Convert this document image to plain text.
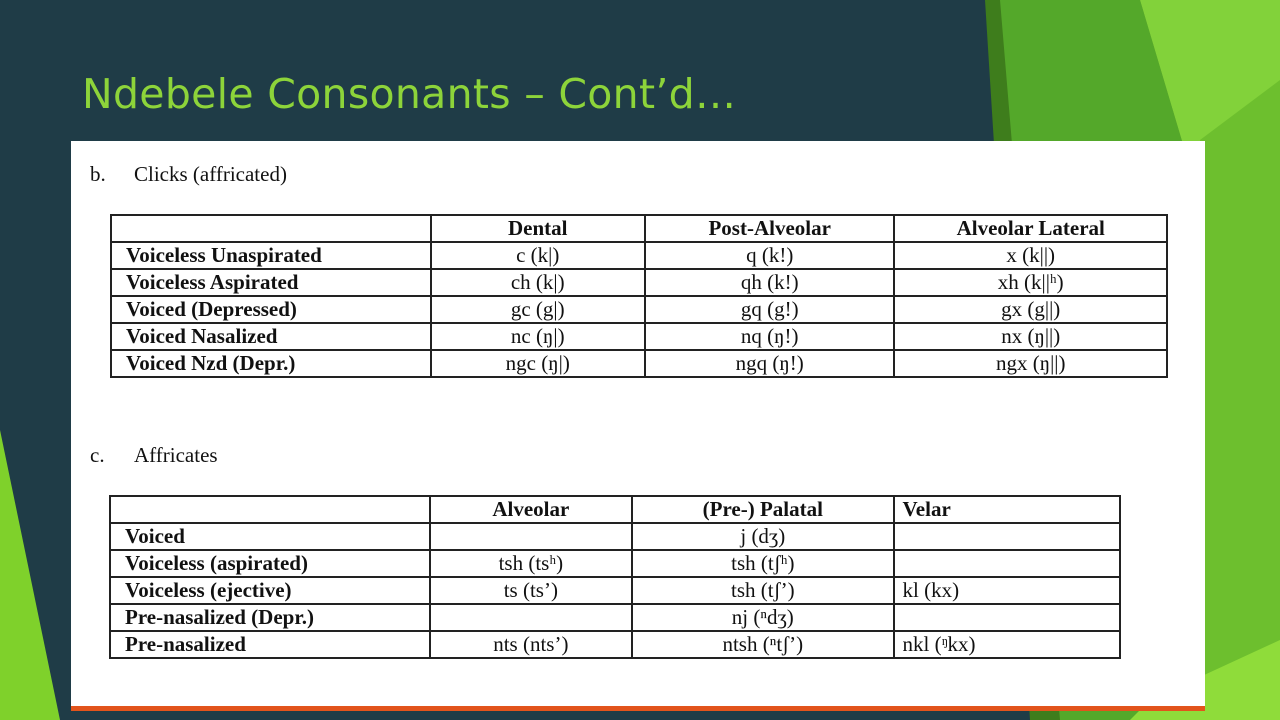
Ndebele Consonants – Cont’d…
b. Clicks (affricated)
	Dental	Post-Alveolar	Alveolar Lateral
Voiceless Unaspirated	c (k|)	q (k!)	x (k||)
Voiceless Aspirated	ch (k|)	qh (k!)	xh (k||ʰ)
Voiced (Depressed)	gc (g|)	gq (g!)	gx (g||)
Voiced Nasalized	nc (ŋ|)	nq (ŋ!)	nx (ŋ||)
Voiced Nzd (Depr.)	ngc (ŋ|)	ngq (ŋ!)	ngx (ŋ||)
c. Affricates
	Alveolar	(Pre-) Palatal	Velar
Voiced		j (dʒ)	
Voiceless (aspirated)	tsh (tsʰ)	tsh (tʃʰ)	
Voiceless (ejective)	ts (ts’)	tsh (tʃ’)	kl (kx)
Pre-nasalized (Depr.)		nj (ⁿdʒ)	
Pre-nasalized	nts (nts’)	ntsh (ⁿtʃ’)	nkl (ᵑkx)
